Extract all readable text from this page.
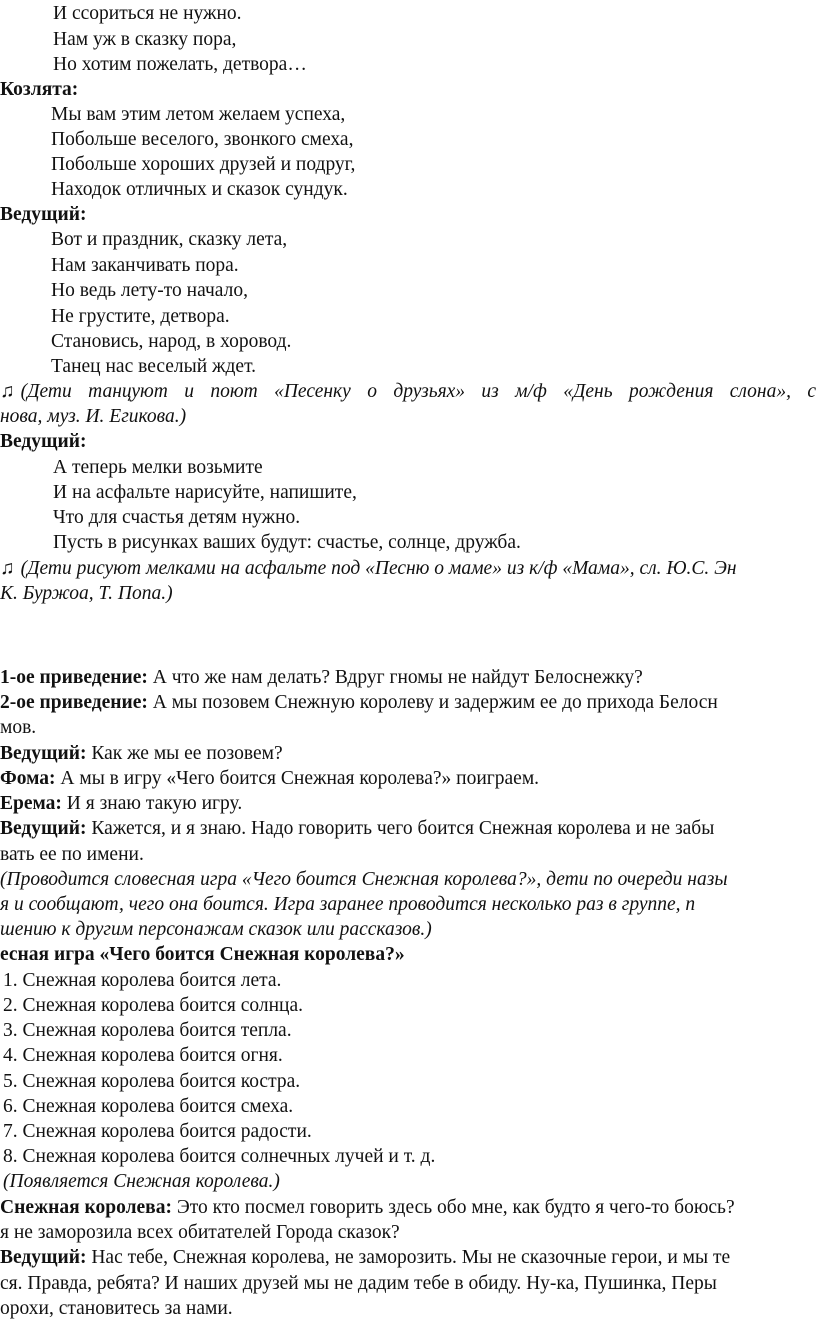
И ссориться не нужно.
Нам уж в сказку пора,
Но хотим пожелать, детвора…
Козлята:
Мы вам этим летом желаем успеха,
Побольше веселого, звонкого смеха,
Побольше хороших друзей и подруг,
Находок отличных и сказок сундук.
Ведущий:
Вот и праздник, сказку лета,
Нам заканчивать пора.
Но ведь лету-то начало,
Не грустите, детвора.
Становись, народ, в хоровод.
Танец нас веселый ждет.
♫ (Дети танцуют и поют «Песенку о друзьях» из м/ф «День рождения слона», с
нова, муз. И. Егикова.)
Ведущий:
А теперь мелки возьмите
И на асфальте нарисуйте, напишите,
Что для счастья детям нужно.
Пусть в рисунках ваших будут: счастье, солнце, дружба.
♫ (Дети рисуют мелками на асфальте под «Песню о маме» из к/ф «Мама», сл. Ю.С. Эн
К. Буржоа, Т. Попа.)
1-ое приведение: А что же нам делать? Вдруг гномы не найдут Белоснежку?
2-ое приведение: А мы позовем Снежную королеву и задержим ее до прихода Белосн
мов.
Ведущий: Как же мы ее позовем?
Фома: А мы в игру «Чего боится Снежная королева?» поиграем.
Ерема: И я знаю такую игру.
Ведущий: Кажется, и я знаю. Надо говорить чего боится Снежная королева и не забы
вать ее по имени.
(Проводится словесная игра «Чего боится Снежная королева?», дети по очереди назы
я и сообщают, чего она боится. Игра заранее проводится несколько раз в группе, п
шению к другим персонажам сказок или рассказов.)
есная игра «Чего боится Снежная королева?»
1. Снежная королева боится лета.
2. Снежная королева боится солнца.
3. Снежная королева боится тепла.
4. Снежная королева боится огня.
5. Снежная королева боится костра.
6. Снежная королева боится смеха.
7. Снежная королева боится радости.
8. Снежная королева боится солнечных лучей и т. д.
(Появляется Снежная королева.)
Снежная королева: Это кто посмел говорить здесь обо мне, как будто я чего-то боюсь?
я не заморозила всех обитателей Города сказок?
Ведущий: Нас тебе, Снежная королева, не заморозить. Мы не сказочные герои, и мы те
ся. Правда, ребята? И наших друзей мы не дадим тебе в обиду. Ну-ка, Пушинка, Перы
орохи, становитесь за нами.
